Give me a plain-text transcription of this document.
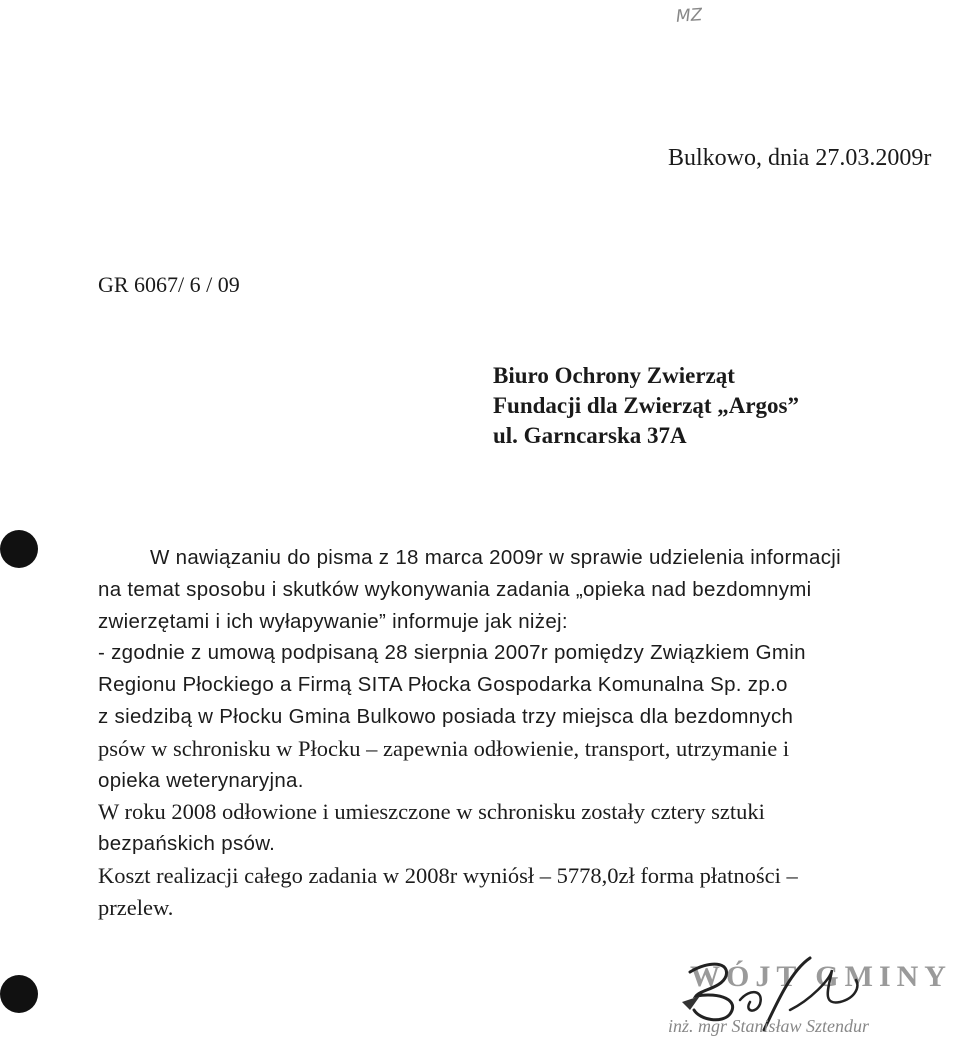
MZ
Bulkowo, dnia 27.03.2009r
GR 6067/ 6 / 09
Biuro Ochrony Zwierząt
Fundacji dla Zwierząt „Argos”
ul. Garncarska 37A
W nawiązaniu do pisma z 18 marca 2009r w sprawie udzielenia informacji
na temat sposobu i skutków wykonywania zadania „opieka nad bezdomnymi
zwierzętami i ich wyłapywanie” informuje jak niżej:
- zgodnie z umową podpisaną 28 sierpnia 2007r pomiędzy Związkiem Gmin
Regionu Płockiego a Firmą SITA Płocka Gospodarka Komunalna Sp. zp.o
z siedzibą w Płocku Gmina Bulkowo posiada trzy miejsca dla bezdomnych
psów w schronisku w Płocku – zapewnia odłowienie, transport, utrzymanie i
opieka weterynaryjna.
W roku 2008 odłowione i umieszczone w schronisku zostały cztery sztuki
bezpańskich psów.
Koszt realizacji całego zadania w 2008r wyniósł – 5778,0zł forma płatności –
przelew.
WÓJT GMINY
inż. mgr Stanisław Sztendur
